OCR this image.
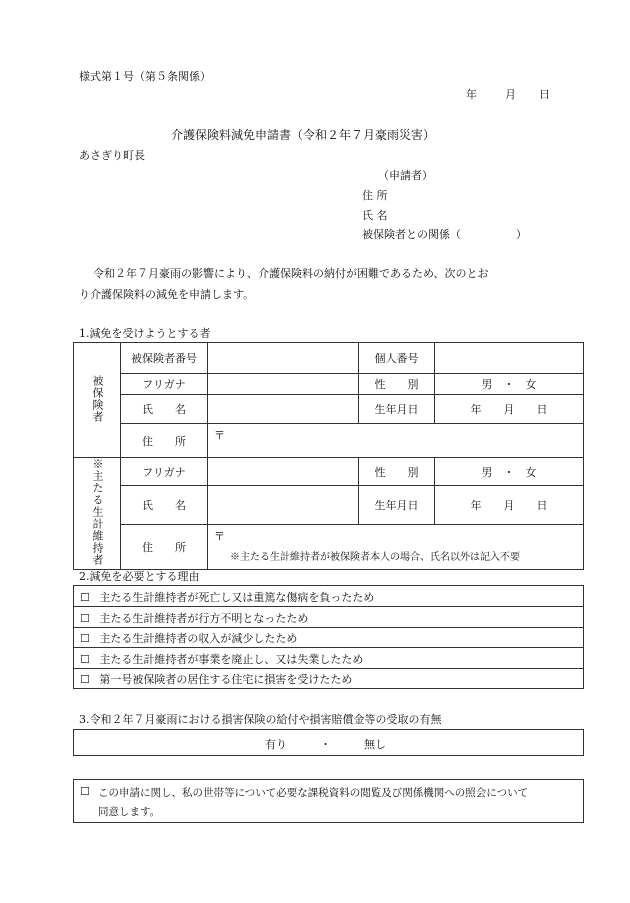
様式第１号（第５条関係）
年	月 日
介護保険料減免申請書（令和２年７月豪雨災害）
あさぎり町長
（申請者）
住 所
氏 名
被保険者との関係（　　　　　）
令和２年７月豪雨の影響により、介護保険料の納付が困難であるため、次のとお
り介護保険料の減免を申請します。
1.減免を受けようとする者
被保険者	被保険者番号		個人番号	

	フリガナ		性　　別	男　・　女
	氏　　名		生年月日	年　　月　　日
	住　　所	〒		
※主たる生計維持者	フリガナ		性　　別	男　・　女
	氏　　名		生年月日	年　　月　　日
	住　　所	〒		
※主たる生計維持者が被保険者本人の場合、氏名以外は記入不要
2.減免を必要とする理由
☐ 主たる生計維持者が死亡し又は重篤な傷病を負ったため
☐ 主たる生計維持者が行方不明となったため
☐ 主たる生計維持者の収入が減少したため
☐ 主たる生計維持者が事業を廃止し、又は失業したため
☐ 第一号被保険者の居住する住宅に損害を受けたため
3.令和２年７月豪雨における損害保険の給付や損害賠償金等の受取の有無
有り　　　・　　　無し
☐ この申請に関し、私の世帯等について必要な課税資料の閲覧及び関係機関への照会について
同意します。
